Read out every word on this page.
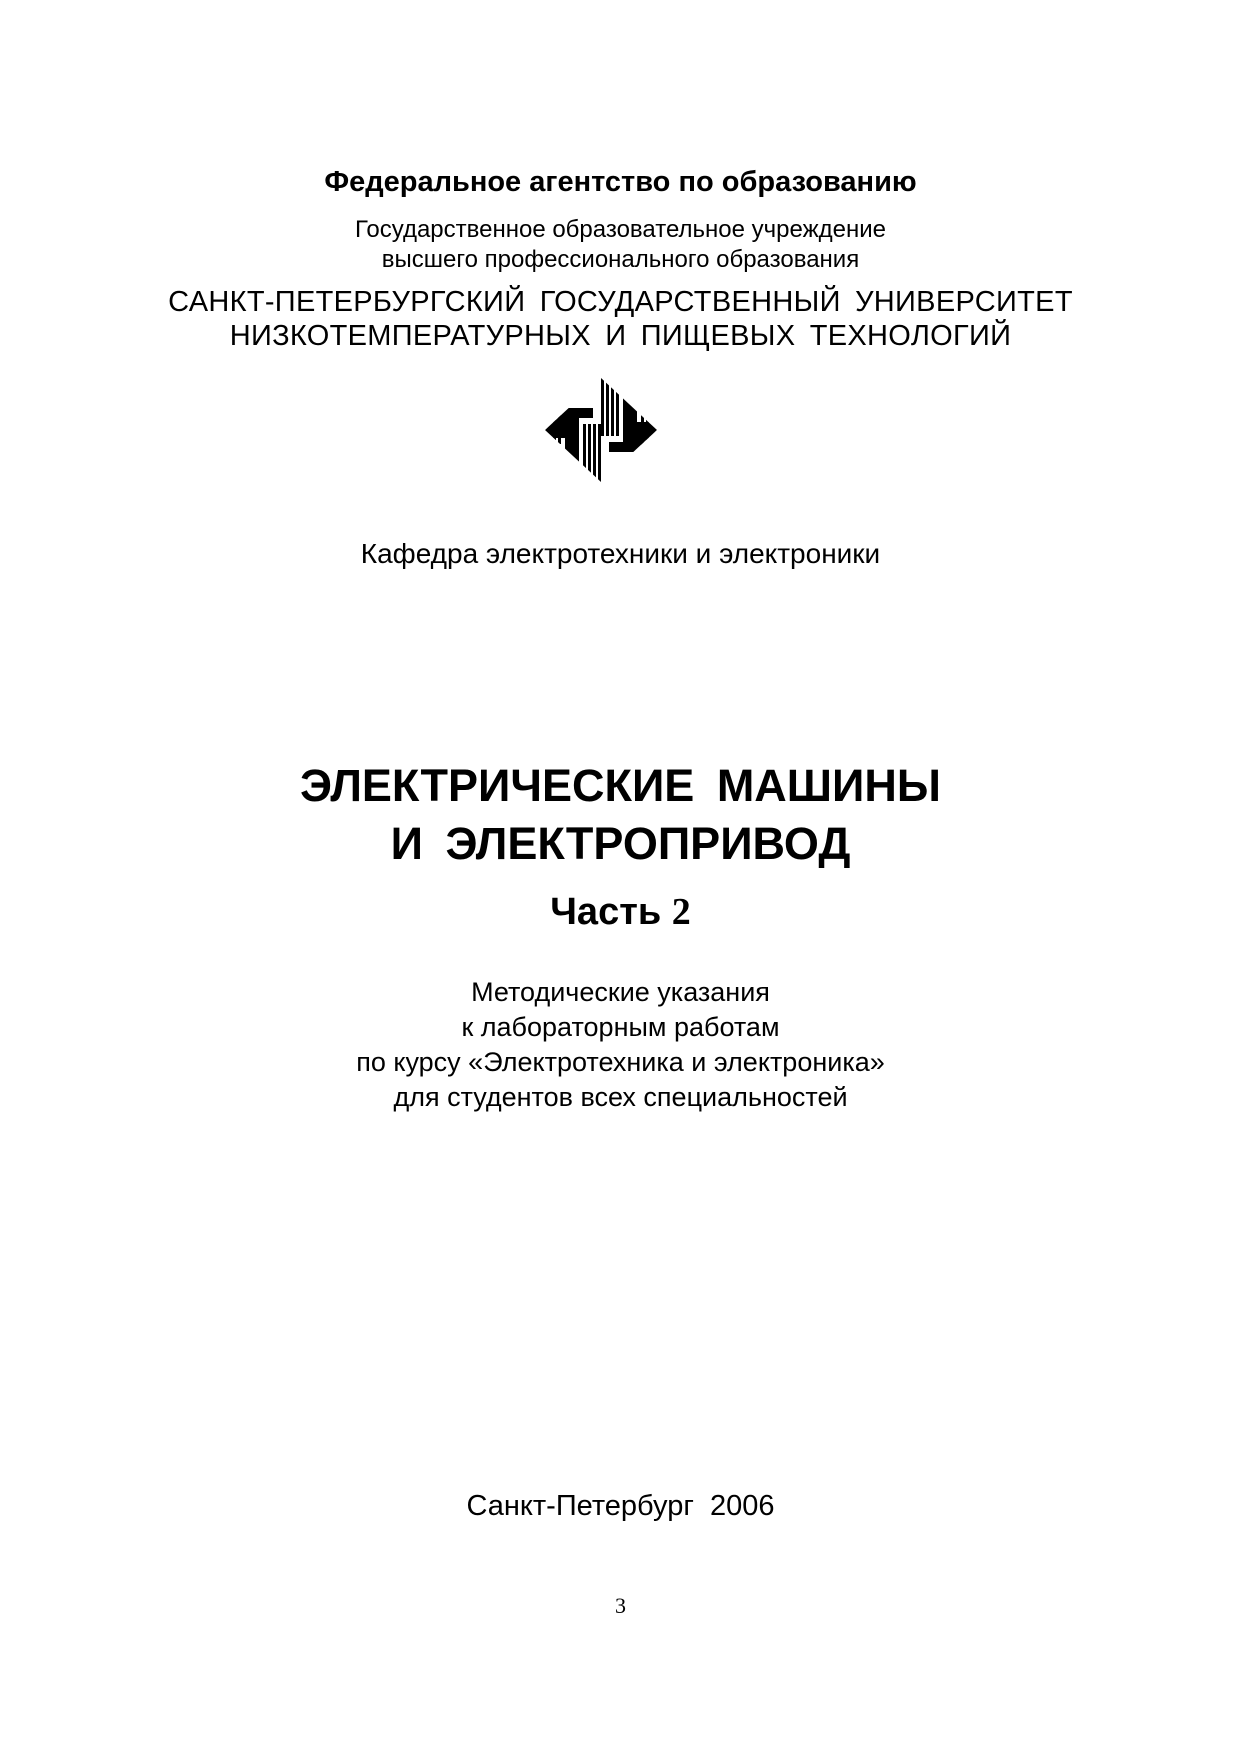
Федеральное агентство по образованию
Государственное образовательное учреждение
высшего профессионального образования
САНКТ-ПЕТЕРБУРГСКИЙ ГОСУДАРСТВЕННЫЙ УНИВЕРСИТЕТ
НИЗКОТЕМПЕРАТУРНЫХ И ПИЩЕВЫХ ТЕХНОЛОГИЙ
Кафедра электротехники и электроники
ЭЛЕКТРИЧЕСКИЕ МАШИНЫ
И ЭЛЕКТРОПРИВОД
Часть 2
Методические указания
к лабораторным работам
по курсу «Электротехника и электроника»
для студентов всех специальностей
Санкт-Петербург  2006
3
